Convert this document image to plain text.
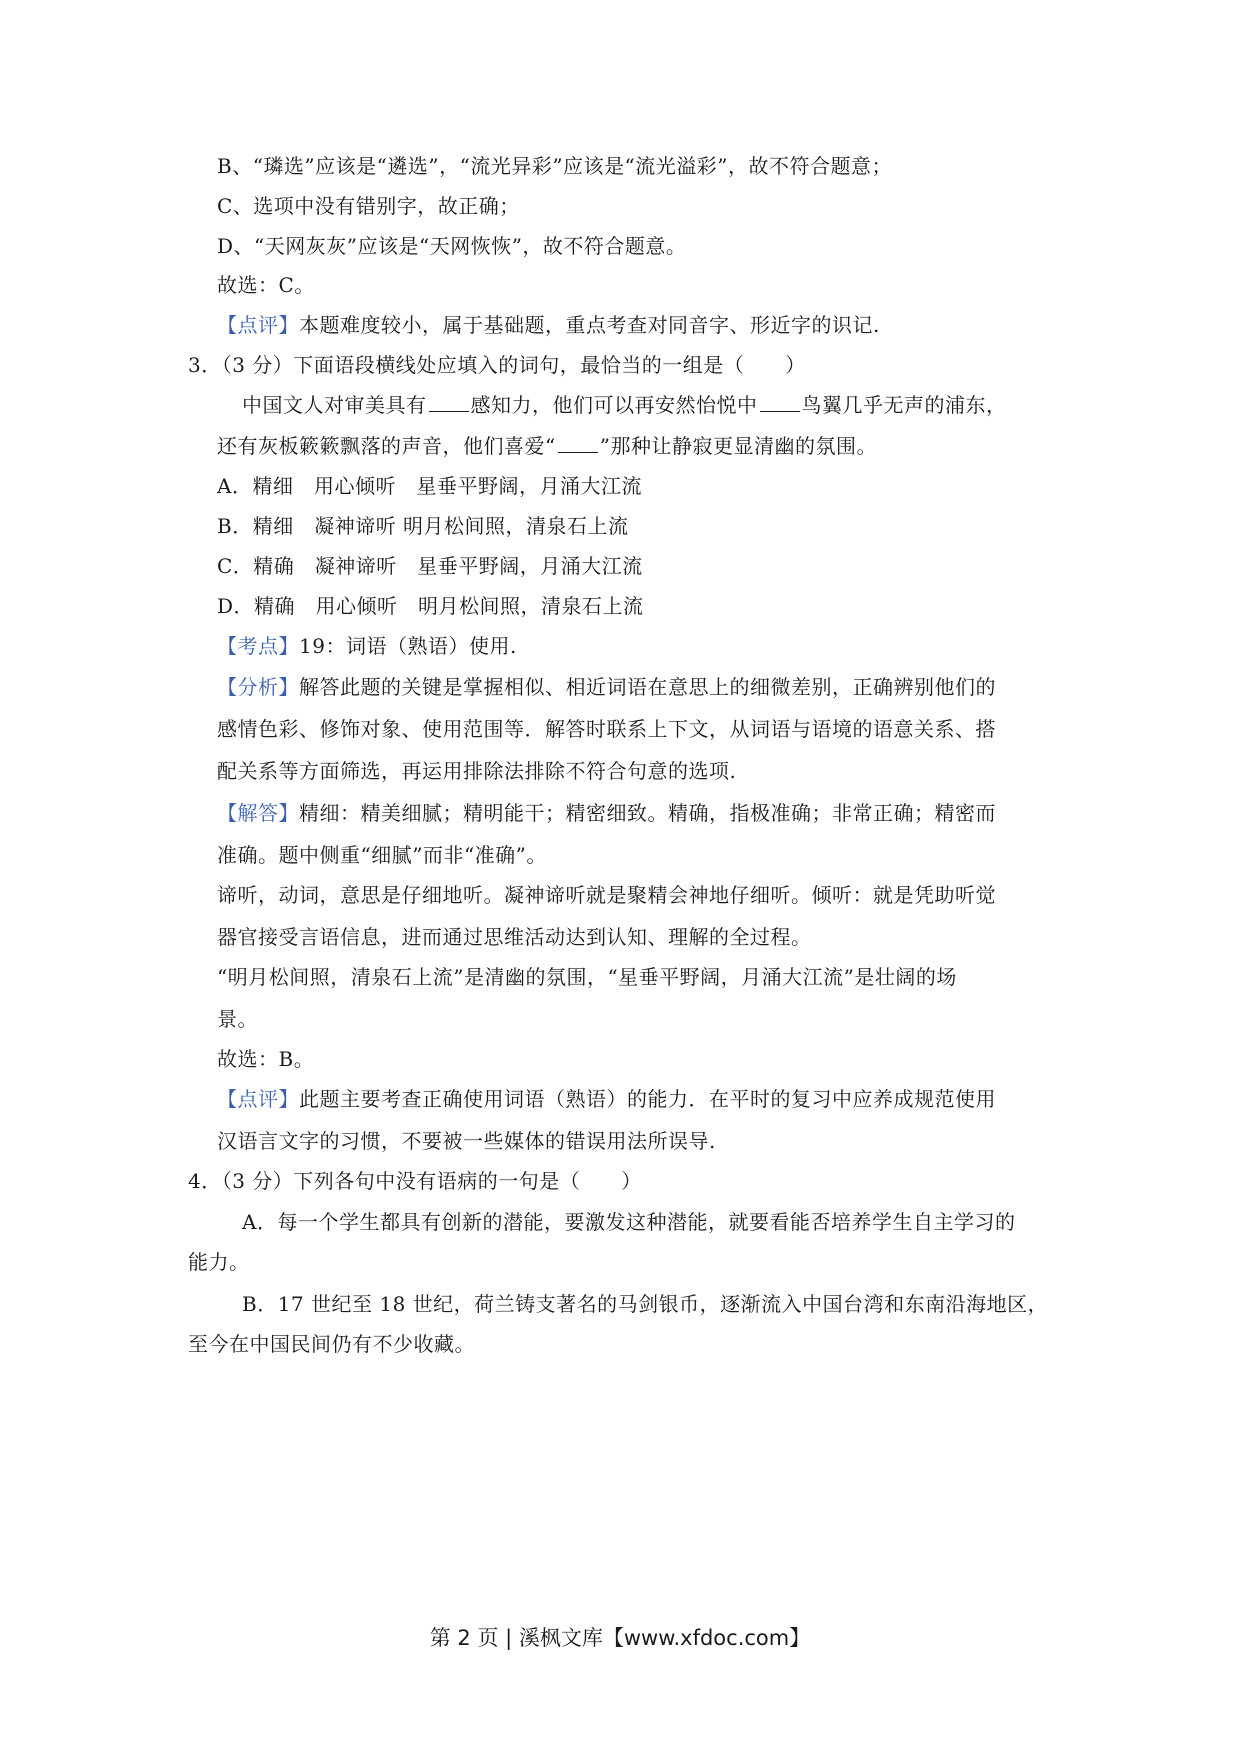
B、“璘选”应该是“遴选”，“流光异彩”应该是“流光溢彩”，故不符合题意；
C、选项中没有错别字，故正确；
D、“天网灰灰”应该是“天网恢恢”，故不符合题意。
故选：C。
【点评】本题难度较小，属于基础题，重点考查对同音字、形近字的识记.
3．（3 分）下面语段横线处应填入的词句，最恰当的一组是（　　）
中国文人对审美具有 感知力，他们可以再安然怡悦中 鸟翼几乎无声的浦东，
还有灰板簌簌飘落的声音，他们喜爱“ ”那种让静寂更显清幽的氛围。
A．精细　用心倾听　星垂平野阔，月涌大江流
B．精细　凝神谛听 明月松间照，清泉石上流
C．精确　凝神谛听　星垂平野阔，月涌大江流
D．精确　用心倾听　明月松间照，清泉石上流
【考点】19：词语（熟语）使用.
【分析】解答此题的关键是掌握相似、相近词语在意思上的细微差别，正确辨别他们的
感情色彩、修饰对象、使用范围等．解答时联系上下文，从词语与语境的语意关系、搭
配关系等方面筛选，再运用排除法排除不符合句意的选项.
【解答】精细：精美细腻；精明能干；精密细致。精确，指极准确；非常正确；精密而
准确。题中侧重“细腻”而非“准确”。
谛听，动词，意思是仔细地听。凝神谛听就是聚精会神地仔细听。倾听：就是凭助听觉
器官接受言语信息，进而通过思维活动达到认知、理解的全过程。
“明月松间照，清泉石上流”是清幽的氛围，“星垂平野阔，月涌大江流”是壮阔的场
景。
故选：B。
【点评】此题主要考查正确使用词语（熟语）的能力．在平时的复习中应养成规范使用
汉语言文字的习惯，不要被一些媒体的错误用法所误导.
4．（3 分）下列各句中没有语病的一句是（　　）
A．每一个学生都具有创新的潜能，要激发这种潜能，就要看能否培养学生自主学习的
能力。
B．17 世纪至 18 世纪，荷兰铸支著名的马剑银币，逐渐流入中国台湾和东南沿海地区，
至今在中国民间仍有不少收藏。
第 2 页 | 溪枫文库【www.xfdoc.com】
